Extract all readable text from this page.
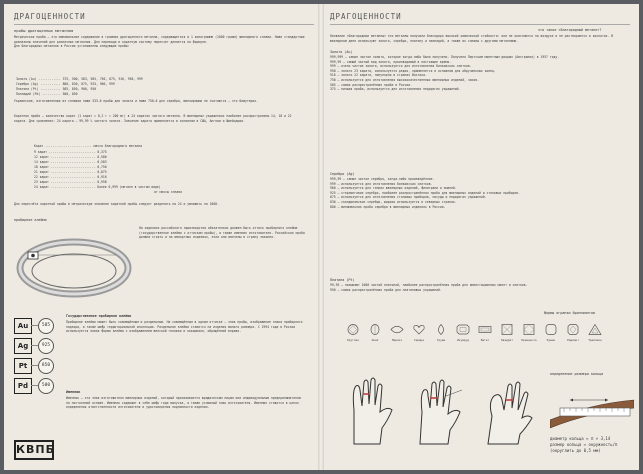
ДРАГОЦЕННОСТИ
пробы драгоценных металлов
Метрическая проба – это минимальное содержание в граммах драгоценного металла, содержащегося в 1 килограмме (1000 грамм) ювелирного сплава. Ниже стандартные диапазоны значений для различных металлов. Для перевода в каратную систему пересчет делается по формуле.
Для благородных металлов в России установлены следующие пробы:
Золото (Au) ............ 375, 500, 583, 585, 750, 875, 916, 958, 999
Серебро (Ag) ........... 800, 830, 875, 925, 960, 999
Платина (Pt) ........... 585, 850, 900, 950
Палладий (Pd) .......... 500, 850
Украинские, изготовленные из сплавов ниже 333-й пробы для золота и ниже 750-й для серебра, ювелирными не считаются – это бижутерия.
Каратная проба – количество карат (1 карат = 0,2 г = 200 мг) в 24 каратах чистого металла. В ювелирных украшениях наиболее распространены 14, 18 и 22 карата. Для сравнения: 24 карата – 99,99 % чистого золота. Значение карата применяется в основном в США, Англии и Швейцарии.
Карат ......................... масса благородного металла
9 карат ......................... 0,375
12 карат ........................ 0,500
14 карат ........................ 0,583
18 карат ........................ 0,750
21 карат ........................ 0,875
22 карат ........................ 0,916
23 карат ........................ 0,958
24 карат ........................ Более 0,999 (металл в чистом виде)
от массы сплава
Для пересчёта каратной пробы в метрическую значение каратной пробы следует разделить на 24 и умножить на 1000.
пробирное клеймо
На изделиях российского производства обязательно должен быть оттиск пробирного клейма (государственное клеймо с оттиском пробы), а также именник изготовителя. Российская проба должна стоять и на импортных изделиях, если они ввезены в страну законно.
Au	585
Ag	925
Pt	850
Pd	500
Государственное пробирное клеймо
Пробирное клеймо может быть совмещённым и раздельным. На совмещённом в одном оттиске – знак пробы, изображение знака пробирного надзора, а также шифр территориальной инспекции. Раздельное клеймо ставится на изделия малого размера. С 1994 года в России используется новая форма клейма с изображением женской головки в кокошнике, обращённой вправо.
Именник
Именник – это знак изготовителя ювелирных изделий, который присваивается юридическим лицам или индивидуальным предпринимателям на постоянной основе. Именник содержит в себе шифр года выпуска, а также условный знак изготовителя. Именник ставится в целях определения ответственности изготовителя и удостоверения подлинности изделия.
КВПБ
ДРАГОЦЕННОСТИ
что такое «благородный металл»?
Название «благородные металлы» эти металлы получили благодаря высокой химической стойкости: они не окисляются на воздухе и не растворяются в кислотах. В ювелирном деле используют золото, серебро, платину и палладий, а также их сплавы с другими металлами.
Золото (Au)
999,999 – самое чистое золото, которое когда-либо было получено. Получено Пертским монетным двором (Австралия) в 1957 году.
999,99 – самый чистый вид золота, производимый в настоящее время.
999 – очень чистое золото, используется для изготовления банковских слитков.
958 – золото 23 карата, используется редко, применяется в основном для обручальных колец.
916 – золото 22 карата, популярно в странах Востока.
750 – используется для изготовления высококачественных ювелирных изделий, часов.
585 – самая распространённая проба в России.
375 – низшая проба, используется для изготовления недорогих украшений.
Серебро (Ag)
999,99 – самое чистое серебро, когда-либо произведённое.
999 – используется для изготовления банковских слитков.
960 – используется для тонких ювелирных изделий, филиграни и эмалей.
925 – стерлинговое серебро, наиболее распространённая проба для ювелирных изделий и столовых приборов.
875 – используется для изготовления столовых приборов, посуды и недорогих украшений.
830 – скандинавское серебро, широко используется в северных странах.
800 – минимальная проба серебра в ювелирных изделиях в России.
Платина (Pt)
99,95 – называют 1000 чистой платиной, наиболее распространённая проба для инвестиционных монет и слитков.
950 – самая распространённая проба для платиновых украшений.
формы огранки бриллиантов
Круглая	Овал	Маркиз	Сердце	Груша	Изумруд	Багет	Квадрат	Принцесса	Кушон	Радиант	Триллион
определение размера кольца
диаметр кольца ≈ π × 3,14
размер кольца ≈ окружность/π
(округлить до 0,5 мм)
